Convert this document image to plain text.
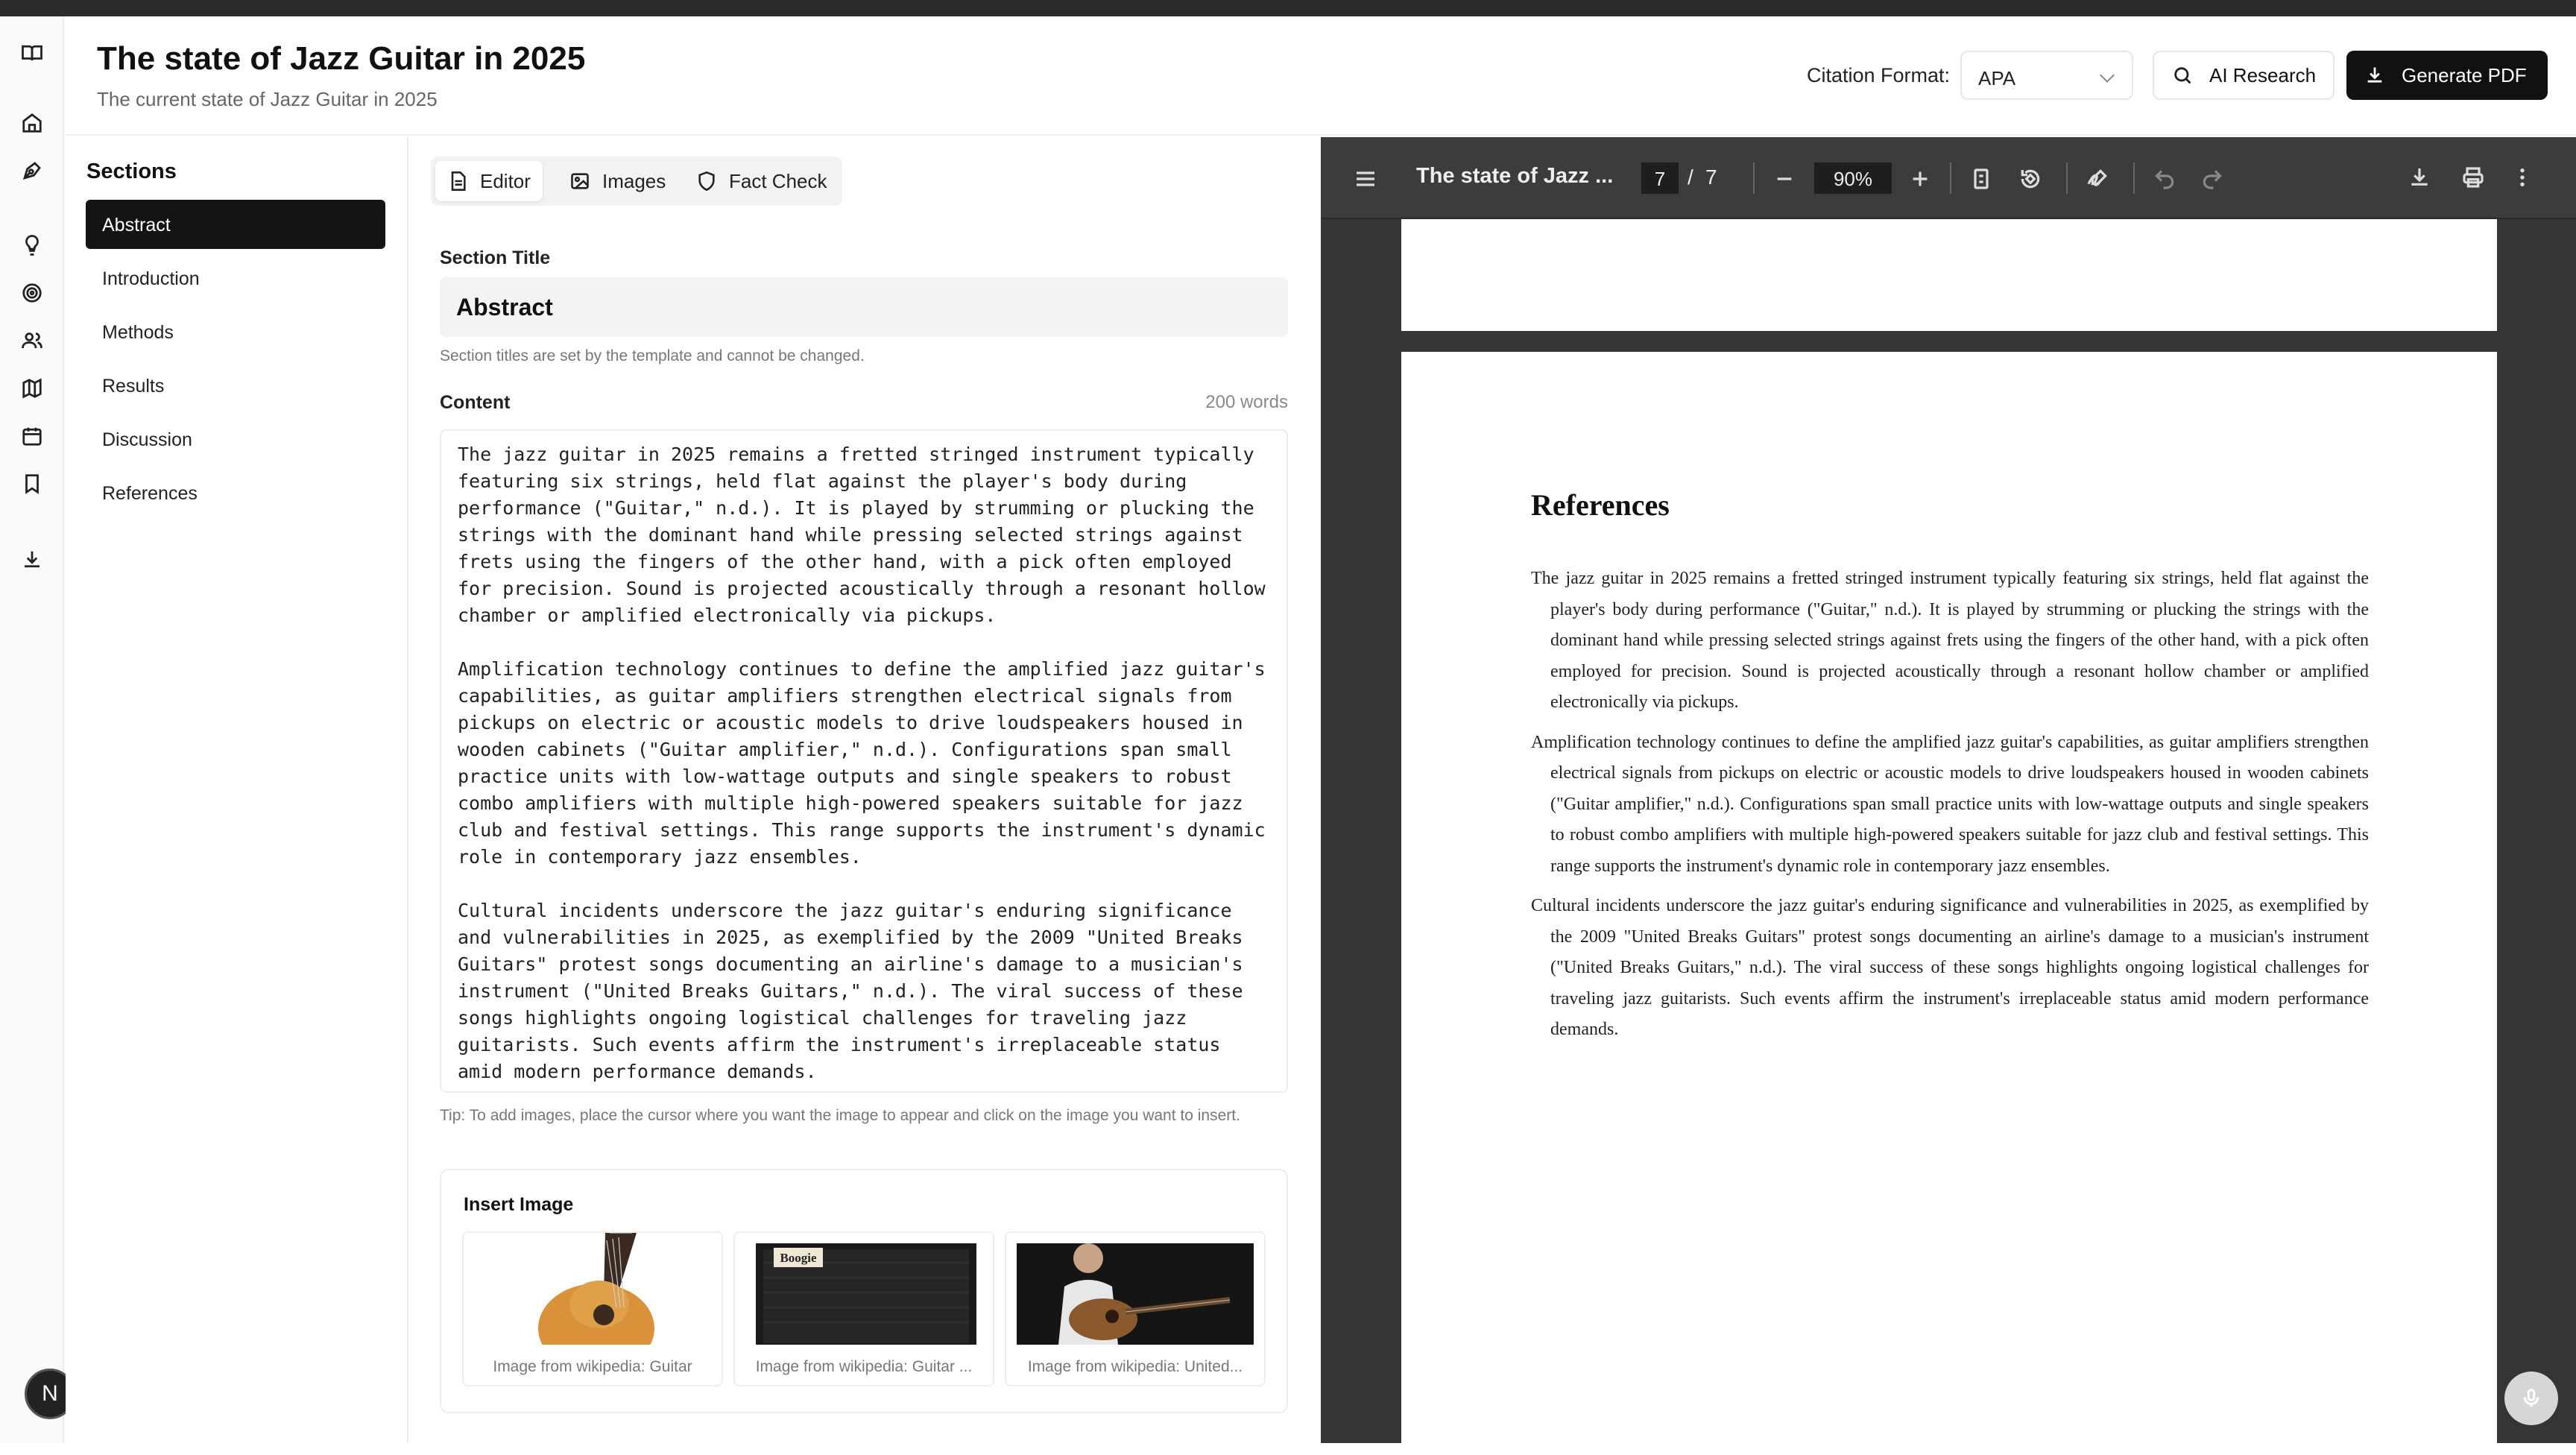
N
The state of Jazz Guitar in 2025
The current state of Jazz Guitar in 2025
Citation Format:	APA	AI Research	Generate PDF
Sections
Abstract
Introduction
Methods
Results
Discussion
References
Editor	Images	Fact Check
Section Title
Abstract
Section titles are set by the template and cannot be changed.
Content	200 words

The jazz guitar in 2025 remains a fretted stringed instrument typically
featuring six strings, held flat against the player's body during
performance ("Guitar," n.d.). It is played by strumming or plucking the
strings with the dominant hand while pressing selected strings against
frets using the fingers of the other hand, with a pick often employed
for precision. Sound is projected acoustically through a resonant hollow
chamber or amplified electronically via pickups.

Amplification technology continues to define the amplified jazz guitar's
capabilities, as guitar amplifiers strengthen electrical signals from
pickups on electric or acoustic models to drive loudspeakers housed in
wooden cabinets ("Guitar amplifier," n.d.). Configurations span small
practice units with low-wattage outputs and single speakers to robust
combo amplifiers with multiple high-powered speakers suitable for jazz
club and festival settings. This range supports the instrument's dynamic
role in contemporary jazz ensembles.

Cultural incidents underscore the jazz guitar's enduring significance
and vulnerabilities in 2025, as exemplified by the 2009 "United Breaks
Guitars" protest songs documenting an airline's damage to a musician's
instrument ("United Breaks Guitars," n.d.). The viral success of these
songs highlights ongoing logistical challenges for traveling jazz
guitarists. Such events affirm the instrument's irreplaceable status
amid modern performance demands.

Tip: To add images, place the cursor where you want the image to appear and click on the image you want to insert.
Insert Image
Image from wikipedia: Guitar
Boogie
Image from wikipedia: Guitar ...	Image from wikipedia: United...
The state of Jazz ...	7	/ 7	90%
References

The jazz guitar in 2025 remains a fretted stringed instrument typically featuring six strings, held flat against the player's body during performance ("Guitar," n.d.). It is played by strumming or plucking the strings with the dominant hand while pressing selected strings against frets using the fingers of the other hand, with a pick often employed for precision. Sound is projected acoustically through a resonant hollow chamber or amplified electronically via pickups.

Amplification technology continues to define the amplified jazz guitar's capabilities, as guitar amplifiers strengthen electrical signals from pickups on electric or acoustic models to drive loudspeakers housed in wooden cabinets ("Guitar amplifier," n.d.). Configurations span small practice units with low-wattage outputs and single speakers to robust combo amplifiers with multiple high-powered speakers suitable for jazz club and festival settings. This range supports the instrument's dynamic role in contemporary jazz ensembles.

Cultural incidents underscore the jazz guitar's enduring significance and vulnerabilities in 2025, as exemplified by the 2009 "United Breaks Guitars" protest songs documenting an airline's damage to a musician's instrument ("United Breaks Guitars," n.d.). The viral success of these songs highlights ongoing logistical challenges for traveling jazz guitarists. Such events affirm the instrument's irreplaceable status amid modern performance demands.
